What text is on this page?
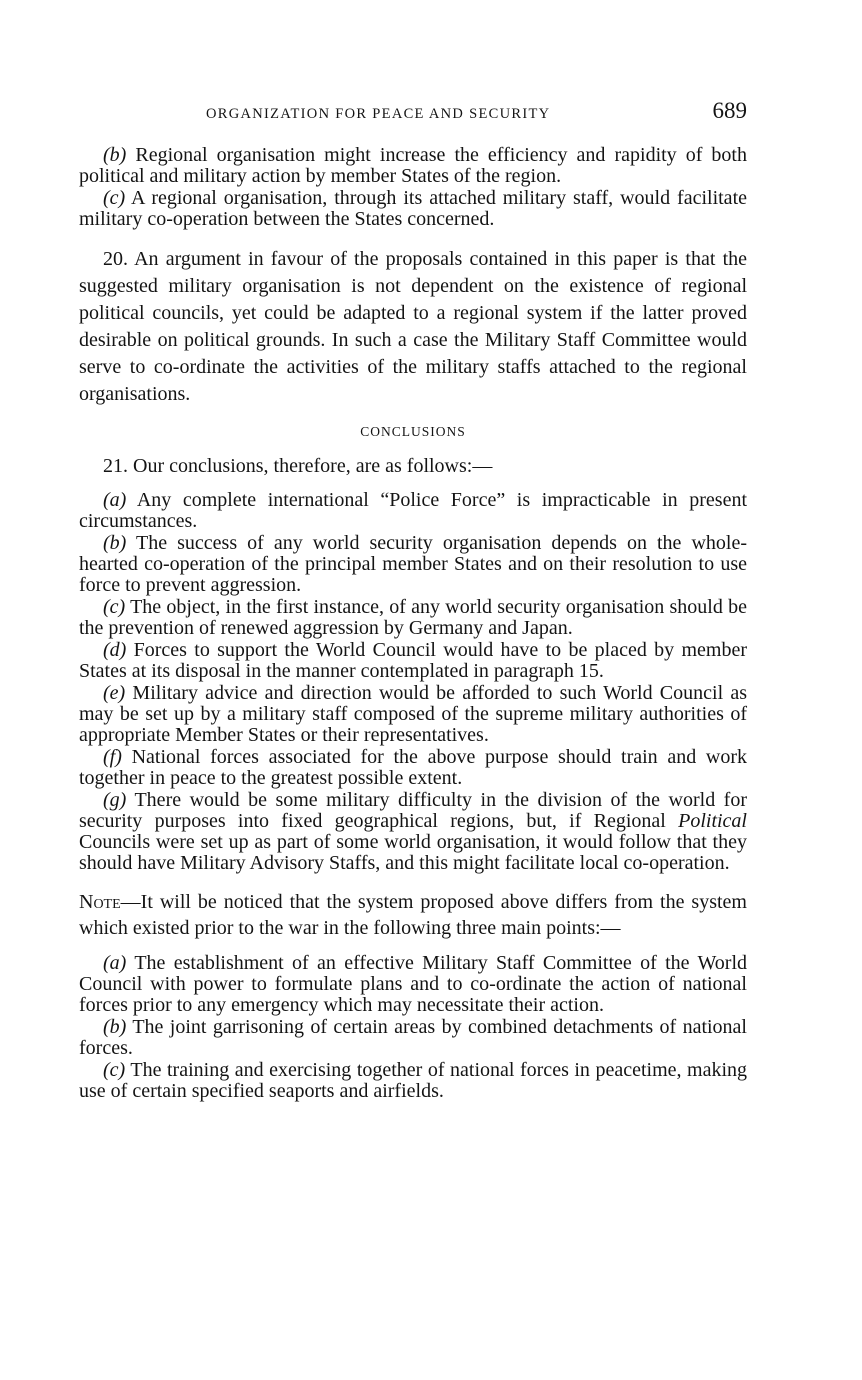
ORGANIZATION FOR PEACE AND SECURITY	689

(b) Regional organisation might increase the efficiency and rapidity of both political and military action by member States of the region.

(c) A regional organisation, through its attached military staff, would facilitate military co-operation between the States concerned.

20. An argument in favour of the proposals contained in this paper is that the suggested military organisation is not dependent on the existence of regional political councils, yet could be adapted to a regional system if the latter proved desirable on political grounds. In such a case the Military Staff Committee would serve to co-ordinate the activities of the military staffs attached to the regional organisations.

CONCLUSIONS

21. Our conclusions, therefore, are as follows:—

(a) Any complete international “Police Force” is impracticable in present circumstances.

(b) The success of any world security organisation depends on the whole-hearted co-operation of the principal member States and on their resolution to use force to prevent aggression.

(c) The object, in the first instance, of any world security organisation should be the prevention of renewed aggression by Germany and Japan.

(d) Forces to support the World Council would have to be placed by member States at its disposal in the manner contemplated in paragraph 15.

(e) Military advice and direction would be afforded to such World Council as may be set up by a military staff composed of the supreme military authorities of appropriate Member States or their representatives.

(f) National forces associated for the above purpose should train and work together in peace to the greatest possible extent.

(g) There would be some military difficulty in the division of the world for security purposes into fixed geographical regions, but, if Regional Political Councils were set up as part of some world organisation, it would follow that they should have Military Advisory Staffs, and this might facilitate local co-operation.

Note—It will be noticed that the system proposed above differs from the system which existed prior to the war in the following three main points:—

(a) The establishment of an effective Military Staff Committee of the World Council with power to formulate plans and to co-ordinate the action of national forces prior to any emergency which may necessitate their action.

(b) The joint garrisoning of certain areas by combined detachments of national forces.

(c) The training and exercising together of national forces in peacetime, making use of certain specified seaports and airfields.
